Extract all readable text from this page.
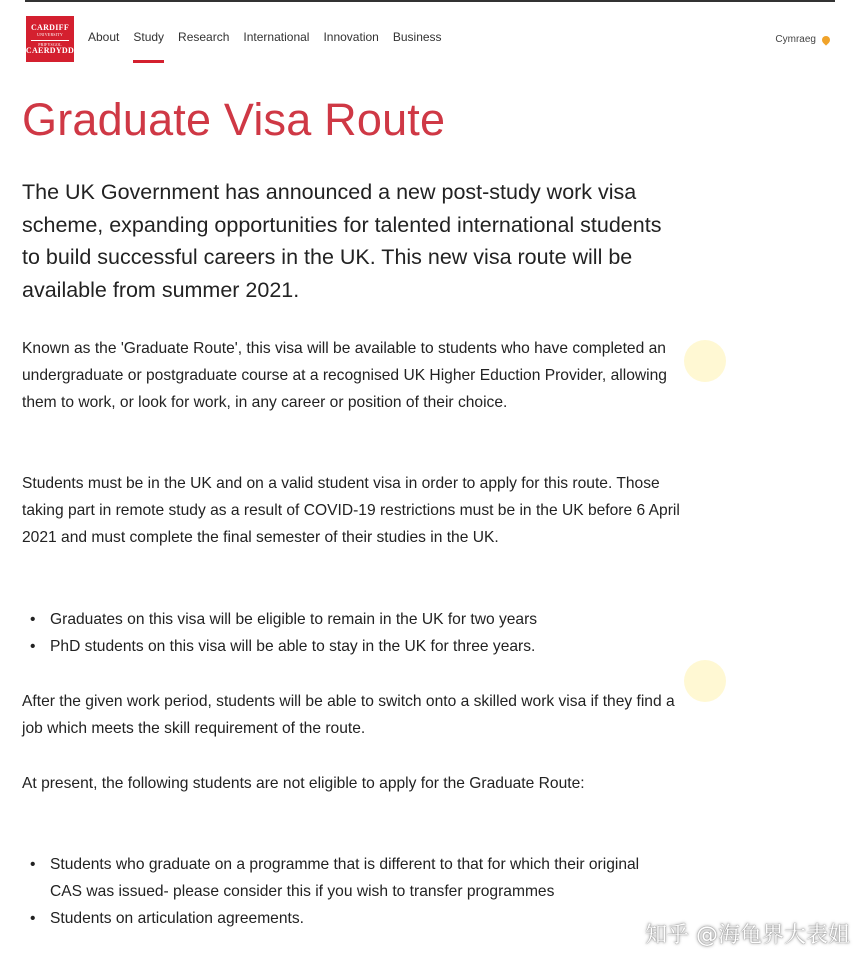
CARDIFF
UNIVERSITY
PRIFYSGOL
CAERDYDD
About Study Research International Innovation Business	Cymraeg
Graduate Visa Route

The UK Government has announced a new post-study work visa scheme, expanding opportunities for talented international students to build successful careers in the UK. This new visa route will be available from summer 2021.

Known as the 'Graduate Route', this visa will be available to students who have completed an undergraduate or postgraduate course at a recognised UK Higher Eduction Provider, allowing them to work, or look for work, in any career or position of their choice.

Students must be in the UK and on a valid student visa in order to apply for this route. Those taking part in remote study as a result of COVID-19 restrictions must be in the UK before 6 April 2021 and must complete the final semester of their studies in the UK.

• Graduates on this visa will be eligible to remain in the UK for two years
• PhD students on this visa will be able to stay in the UK for three years.

After the given work period, students will be able to switch onto a skilled work visa if they find a job which meets the skill requirement of the route.

At present, the following students are not eligible to apply for the Graduate Route:

• Students who graduate on a programme that is different to that for which their original CAS was issued- please consider this if you wish to transfer programmes
• Students on articulation agreements.
知乎 @海龟界大表姐
